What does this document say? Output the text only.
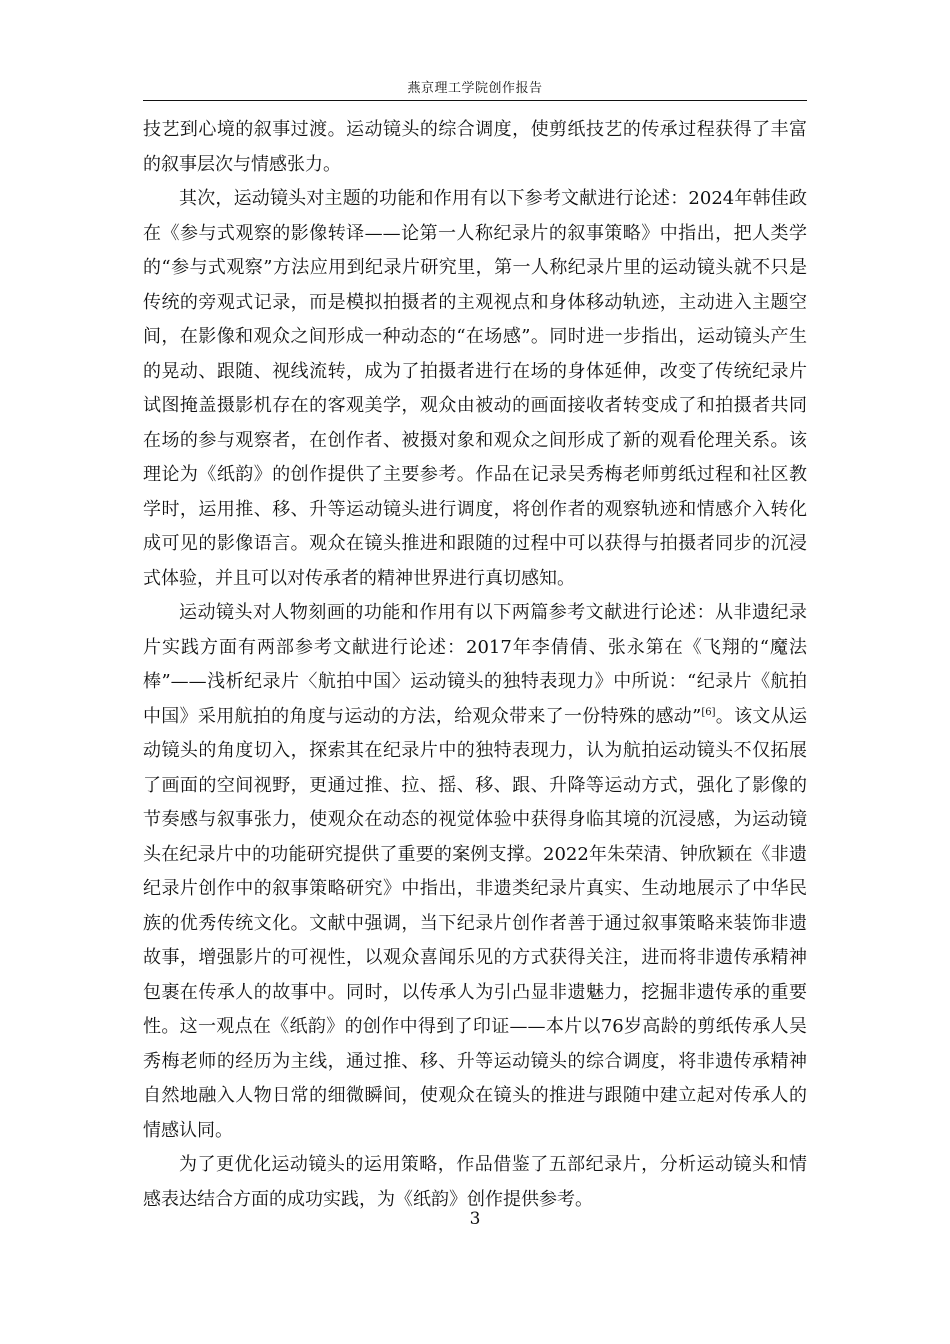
燕京理工学院创作报告

技艺到心境的叙事过渡。运动镜头的综合调度，使剪纸技艺的传承过程获得了丰富的叙事层次与情感张力。

其次，运动镜头对主题的功能和作用有以下参考文献进行论述：2024年韩佳政在《参与式观察的影像转译——论第一人称纪录片的叙事策略》中指出，把人类学的“参与式观察”方法应用到纪录片研究里，第一人称纪录片里的运动镜头就不只是传统的旁观式记录，而是模拟拍摄者的主观视点和身体移动轨迹，主动进入主题空间，在影像和观众之间形成一种动态的“在场感”。同时进一步指出，运动镜头产生的晃动、跟随、视线流转，成为了拍摄者进行在场的身体延伸，改变了传统纪录片试图掩盖摄影机存在的客观美学，观众由被动的画面接收者转变成了和拍摄者共同在场的参与观察者，在创作者、被摄对象和观众之间形成了新的观看伦理关系。该理论为《纸韵》的创作提供了主要参考。作品在记录吴秀梅老师剪纸过程和社区教学时，运用推、移、升等运动镜头进行调度，将创作者的观察轨迹和情感介入转化成可见的影像语言。观众在镜头推进和跟随的过程中可以获得与拍摄者同步的沉浸式体验，并且可以对传承者的精神世界进行真切感知。

运动镜头对人物刻画的功能和作用有以下两篇参考文献进行论述：从非遗纪录片实践方面有两部参考文献进行论述：2017年李倩倩、张永第在《飞翔的“魔法棒”——浅析纪录片〈航拍中国〉运动镜头的独特表现力》中所说：“纪录片《航拍中国》采用航拍的角度与运动的方法，给观众带来了一份特殊的感动”[6]。该文从运动镜头的角度切入，探索其在纪录片中的独特表现力，认为航拍运动镜头不仅拓展了画面的空间视野，更通过推、拉、摇、移、跟、升降等运动方式，强化了影像的节奏感与叙事张力，使观众在动态的视觉体验中获得身临其境的沉浸感，为运动镜头在纪录片中的功能研究提供了重要的案例支撑。2022年朱荣清、钟欣颖在《非遗纪录片创作中的叙事策略研究》中指出，非遗类纪录片真实、生动地展示了中华民族的优秀传统文化。文献中强调，当下纪录片创作者善于通过叙事策略来装饰非遗故事，增强影片的可视性，以观众喜闻乐见的方式获得关注，进而将非遗传承精神包裹在传承人的故事中。同时，以传承人为引凸显非遗魅力，挖掘非遗传承的重要性。这一观点在《纸韵》的创作中得到了印证——本片以76岁高龄的剪纸传承人吴秀梅老师的经历为主线，通过推、移、升等运动镜头的综合调度，将非遗传承精神自然地融入人物日常的细微瞬间，使观众在镜头的推进与跟随中建立起对传承人的情感认同。

为了更优化运动镜头的运用策略，作品借鉴了五部纪录片，分析运动镜头和情感表达结合方面的成功实践，为《纸韵》创作提供参考。

3
